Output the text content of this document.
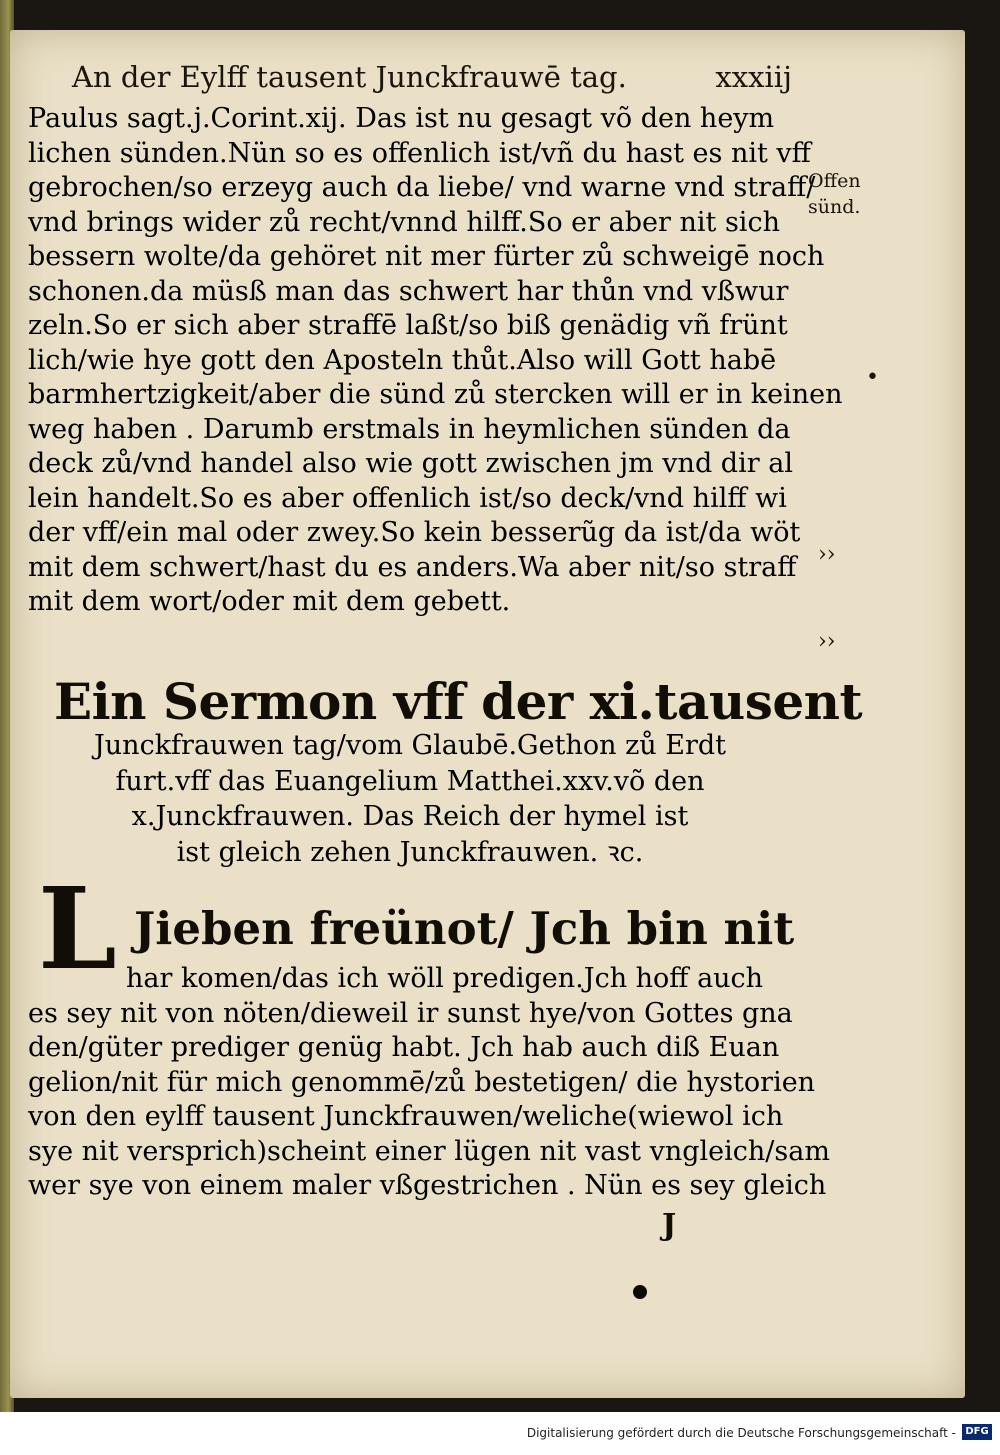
An der Eylff tausent Junckfrauwē tag.	xxxiij

Paulus sagt.j.Corint.xij. Das ist nu gesagt võ den heym

lichen sünden.Nün so es offenlich ist/vñ du hast es nit vff

gebrochen/so erzeyg auch da liebe/ vnd warne vnd straff/

vnd brings wider zů recht/vnnd hilff.So er aber nit sich

bessern wolte/da gehöret nit mer fürter zů schweigē noch

schonen.da müsß man das schwert har thůn vnd vßwur

zeln.So er sich aber straffē laßt/so biß genädig vñ frünt

lich/wie hye gott den Aposteln thůt.Also will Gott habē

barmhertzigkeit/aber die sünd zů stercken will er in keinen

weg haben . Darumb erstmals in heymlichen sünden da

deck zů/vnd handel also wie gott zwischen jm vnd dir al

lein handelt.So es aber offenlich ist/so deck/vnd hilff wi

der vff/ein mal oder zwey.So kein besserũg da ist/da wöt

mit dem schwert/hast du es anders.Wa aber nit/so straff

mit dem wort/oder mit dem gebett.

Offen
sünd.

•

››

››

Ein Sermon vff der xi.tausent

Junckfrauwen tag/vom Glaubē.Gethon zů Erdt

furt.vff das Euangelium Matthei.xxv.võ den

x.Junckfrauwen. Das Reich der hymel ist

ist gleich zehen Junckfrauwen. ꝛc.

L Jieben freünot/ Jch bin nit

har komen/das ich wöll predigen.Jch hoff auch

es sey nit von nöten/dieweil ir sunst hye/von Gottes gna

den/güter prediger genüg habt. Jch hab auch diß Euan

gelion/nit für mich genommē/zů bestetigen/ die hystorien

von den eylff tausent Junckfrauwen/weliche(wiewol ich

sye nit versprich)scheint einer lügen nit vast vngleich/sam

wer sye von einem maler vßgestrichen . Nün es sey gleich

J
Digitalisierung gefördert durch die Deutsche Forschungsgemeinschaft - DFG
